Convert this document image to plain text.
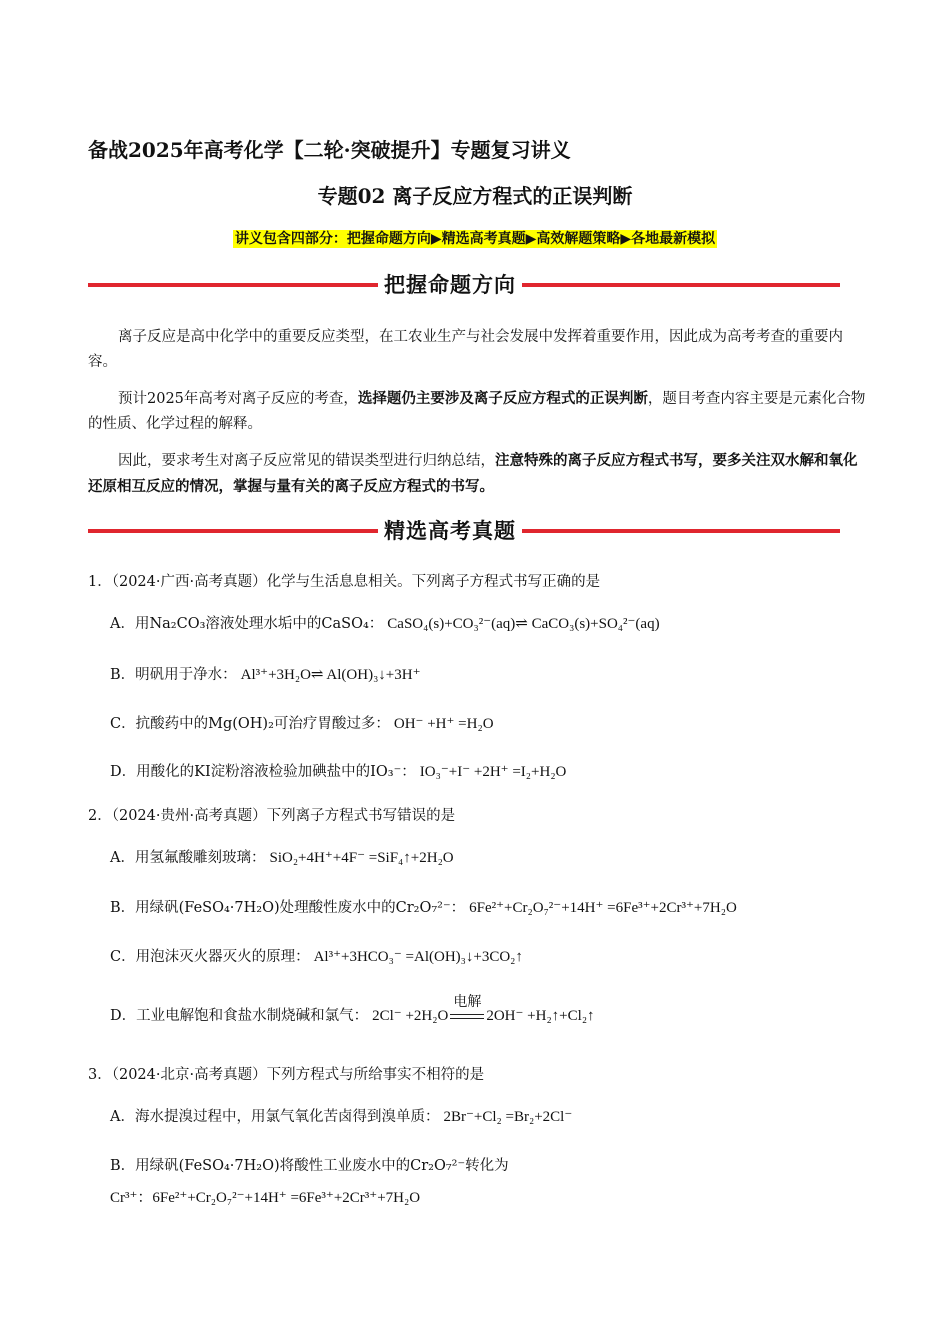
备战2025年高考化学【二轮·突破提升】专题复习讲义
专题02 离子反应方程式的正误判断
讲义包含四部分：把握命题方向▶精选高考真题▶高效解题策略▶各地最新模拟
把握命题方向
离子反应是高中化学中的重要反应类型，在工农业生产与社会发展中发挥着重要作用，因此成为高考考查的重要内容。
预计2025年高考对离子反应的考查，选择题仍主要涉及离子反应方程式的正误判断，题目考查内容主要是元素化合物的性质、化学过程的解释。
因此，要求考生对离子反应常见的错误类型进行归纳总结，注意特殊的离子反应方程式书写，要多关注双水解和氧化还原相互反应的情况，掌握与量有关的离子反应方程式的书写。
精选高考真题
1．（2024·广西·高考真题）化学与生活息息相关。下列离子方程式书写正确的是
A．用Na₂CO₃溶液处理水垢中的CaSO₄： CaSO₄(s)+CO₃²⁻(aq)⇌ CaCO₃(s)+SO₄²⁻(aq)
B．明矾用于净水： Al³⁺+3H₂O⇌ Al(OH)₃↓+3H⁺
C．抗酸药中的Mg(OH)₂可治疗胃酸过多： OH⁻ +H⁺ =H₂O
D．用酸化的KI淀粉溶液检验加碘盐中的IO₃⁻： IO₃⁻+I⁻ +2H⁺ =I₂+H₂O
2．（2024·贵州·高考真题）下列离子方程式书写错误的是
A．用氢氟酸雕刻玻璃： SiO₂+4H⁺+4F⁻ =SiF₄↑+2H₂O
B．用绿矾(FeSO₄·7H₂O)处理酸性废水中的Cr₂O₇²⁻： 6Fe²⁺+Cr₂O₇²⁻+14H⁺ =6Fe³⁺+2Cr³⁺+7H₂O
C．用泡沫灭火器灭火的原理： Al³⁺+3HCO₃⁻ =Al(OH)₃↓+3CO₂↑
D．工业电解饱和食盐水制烧碱和氯气： 2Cl⁻ +2H₂O
电解
2OH⁻ +H₂↑+Cl₂↑
3．（2024·北京·高考真题）下列方程式与所给事实不相符的是
A．海水提溴过程中，用氯气氧化苦卤得到溴单质： 2Br⁻+Cl₂ =Br₂+2Cl⁻
B．用绿矾(FeSO₄·7H₂O)将酸性工业废水中的Cr₂O₇²⁻转化为
Cr³⁺：6Fe²⁺+Cr₂O₇²⁻+14H⁺ =6Fe³⁺+2Cr³⁺+7H₂O
